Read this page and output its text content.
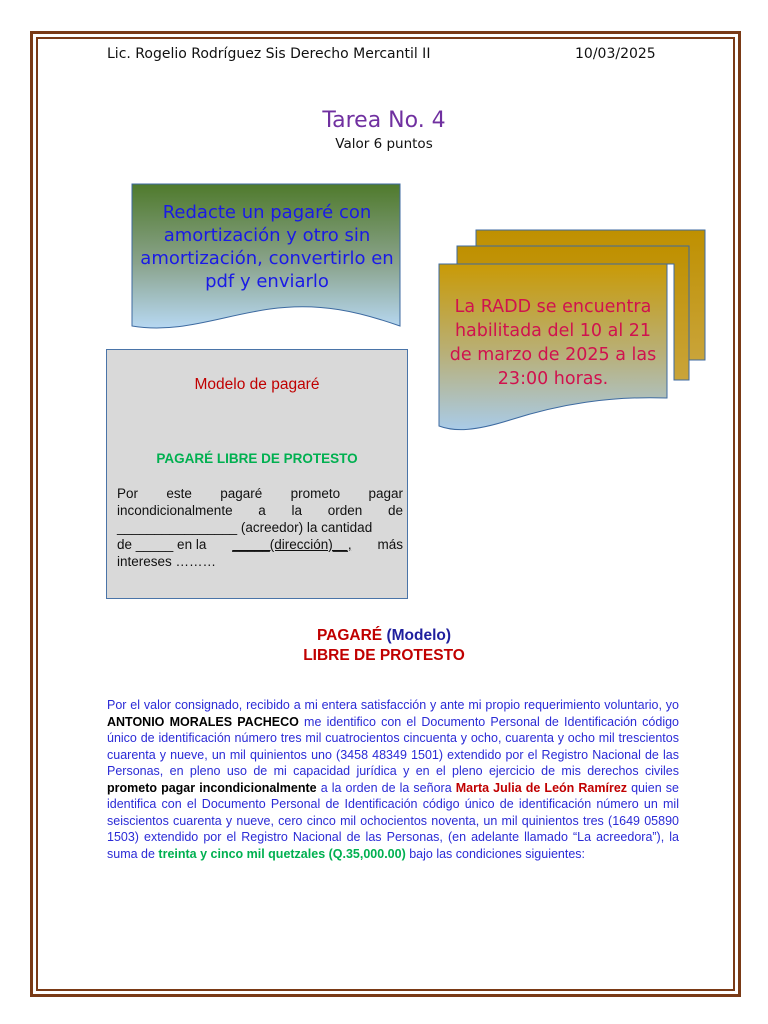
Lic. Rogelio Rodríguez Sis Derecho Mercantil II	10/03/2025
Tarea No. 4
Valor 6 puntos
Redacte un pagaré con
amortización y otro sin
amortización, convertirlo en
pdf y enviarlo
La RADD se encuentra
habilitada del 10 al 21
de marzo de 2025 a las
23:00 horas.
Modelo de pagaré
PAGARÉ LIBRE DE PROTESTO
Por este pagaré prometo pagar
incondicionalmente a la orden de
________________ (acreedor) la cantidad
de _____ en la _____(dirección)__, más
intereses ………
PAGARÉ (Modelo)
LIBRE DE PROTESTO
Por el valor consignado, recibido a mi entera satisfacción y ante mi propio requerimiento voluntario, yo ANTONIO MORALES PACHECO me identifico con el Documento Personal de Identificación código único de identificación número tres mil cuatrocientos cincuenta y ocho, cuarenta y ocho mil trescientos cuarenta y nueve, un mil quinientos uno (3458 48349 1501) extendido por el Registro Nacional de las Personas, en pleno uso de mi capacidad jurídica y en el pleno ejercicio de mis derechos civiles prometo pagar incondicionalmente a la orden de la señora Marta Julia de León Ramírez quien se identifica con el Documento Personal de Identificación código único de identificación número un mil seiscientos cuarenta y nueve, cero cinco mil ochocientos noventa, un mil quinientos tres (1649 05890 1503) extendido por el Registro Nacional de las Personas, (en adelante llamado “La acreedora”), la suma de treinta y cinco mil quetzales (Q.35,000.00) bajo las condiciones siguientes:
